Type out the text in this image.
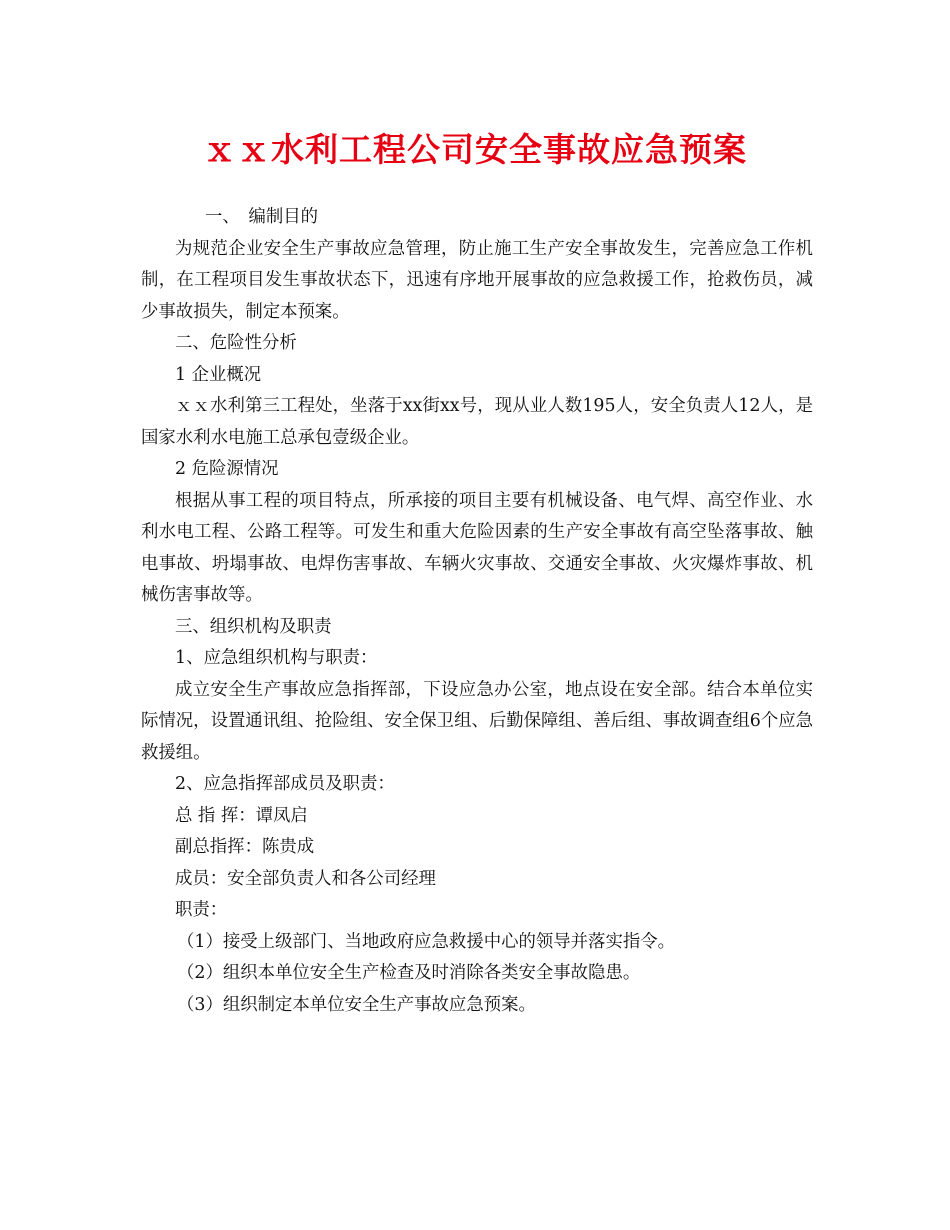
ｘｘ水利工程公司安全事故应急预案

一、　编制目的

为规范企业安全生产事故应急管理，防止施工生产安全事故发生，完善应急工作机制，在工程项目发生事故状态下，迅速有序地开展事故的应急救援工作，抢救伤员，减少事故损失，制定本预案。

二、危险性分析

1 企业概况

ｘｘ水利第三工程处，坐落于xx街xx号，现从业人数195人，安全负责人12人，是国家水利水电施工总承包壹级企业。

2 危险源情况

根据从事工程的项目特点，所承接的项目主要有机械设备、电气焊、高空作业、水利水电工程、公路工程等。可发生和重大危险因素的生产安全事故有高空坠落事故、触电事故、坍塌事故、电焊伤害事故、车辆火灾事故、交通安全事故、火灾爆炸事故、机械伤害事故等。

三、组织机构及职责

1、应急组织机构与职责：

成立安全生产事故应急指挥部，下设应急办公室，地点设在安全部。结合本单位实际情况，设置通讯组、抢险组、安全保卫组、后勤保障组、善后组、事故调查组6个应急救援组。

2、应急指挥部成员及职责：

总 指 挥：谭凤启

副总指挥：陈贵成

成员：安全部负责人和各公司经理

职责：

（1）接受上级部门、当地政府应急救援中心的领导并落实指令。

（2）组织本单位安全生产检查及时消除各类安全事故隐患。

（3）组织制定本单位安全生产事故应急预案。
